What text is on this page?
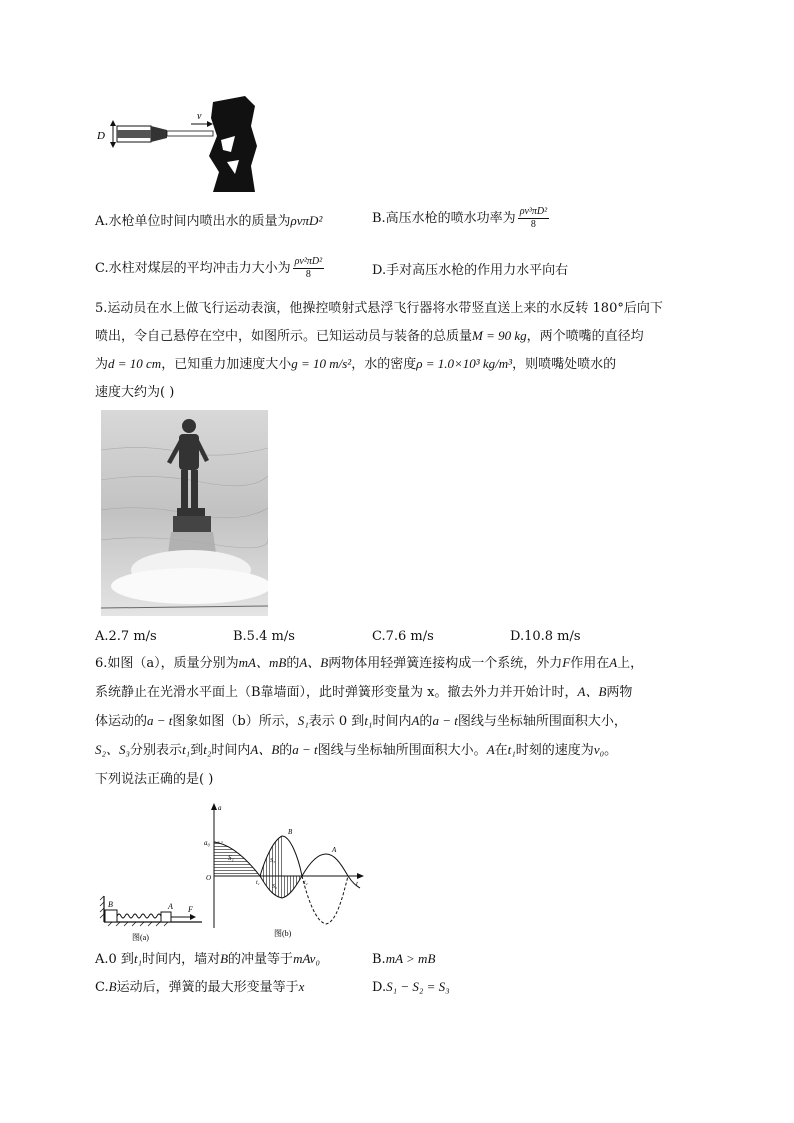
D
v
A.水枪单位时间内喷出水的质量为ρvπD²	B.高压水枪的喷水功率为 $\frac{\text{ρv³πD²}}{8}$
C.水柱对煤层的平均冲击力大小为 $\frac{\text{ρv²πD²}}{8}$	D.手对高压水枪的作用力水平向右
5.运动员在水上做飞行运动表演，他操控喷射式悬浮飞行器将水带竖直送上来的水反转 180°后向下
喷出，令自己悬停在空中，如图所示。已知运动员与装备的总质量M = 90 kg，两个喷嘴的直径均
为d = 10 cm，已知重力加速度大小g = 10 m/s²，水的密度ρ = 1.0×10³ kg/m³，则喷嘴处喷水的
速度大约为( )
A.2.7 m/s	B.5.4 m/s	C.7.6 m/s	D.10.8 m/s
6.如图（a），质量分别为mA、mB的A、B两物体用轻弹簧连接构成一个系统，外力F作用在A上，
系统静止在光滑水平面上（B靠墙面），此时弹簧形变量为 x。撤去外力并开始计时，A、B两物
体运动的a − t图象如图（b）所示，S₁表示 0 到t₁时间内A的a − t图线与坐标轴所围面积大小，
S₂、S₃分别表示t₁到t₂时间内A、B的a − t图线与坐标轴所围面积大小。A在t₁时刻的速度为v₀。
下列说法正确的是( )
B	A F
图(a)
a
t
O
a₀
S₁
S₂
S₃
A
B
t₁	t₂
图(b)
A.0 到t₁时间内，墙对B的冲量等于mAv₀	B.mA > mB
C.B运动后，弹簧的最大形变量等于x	D.S₁ − S₂ = S₃
